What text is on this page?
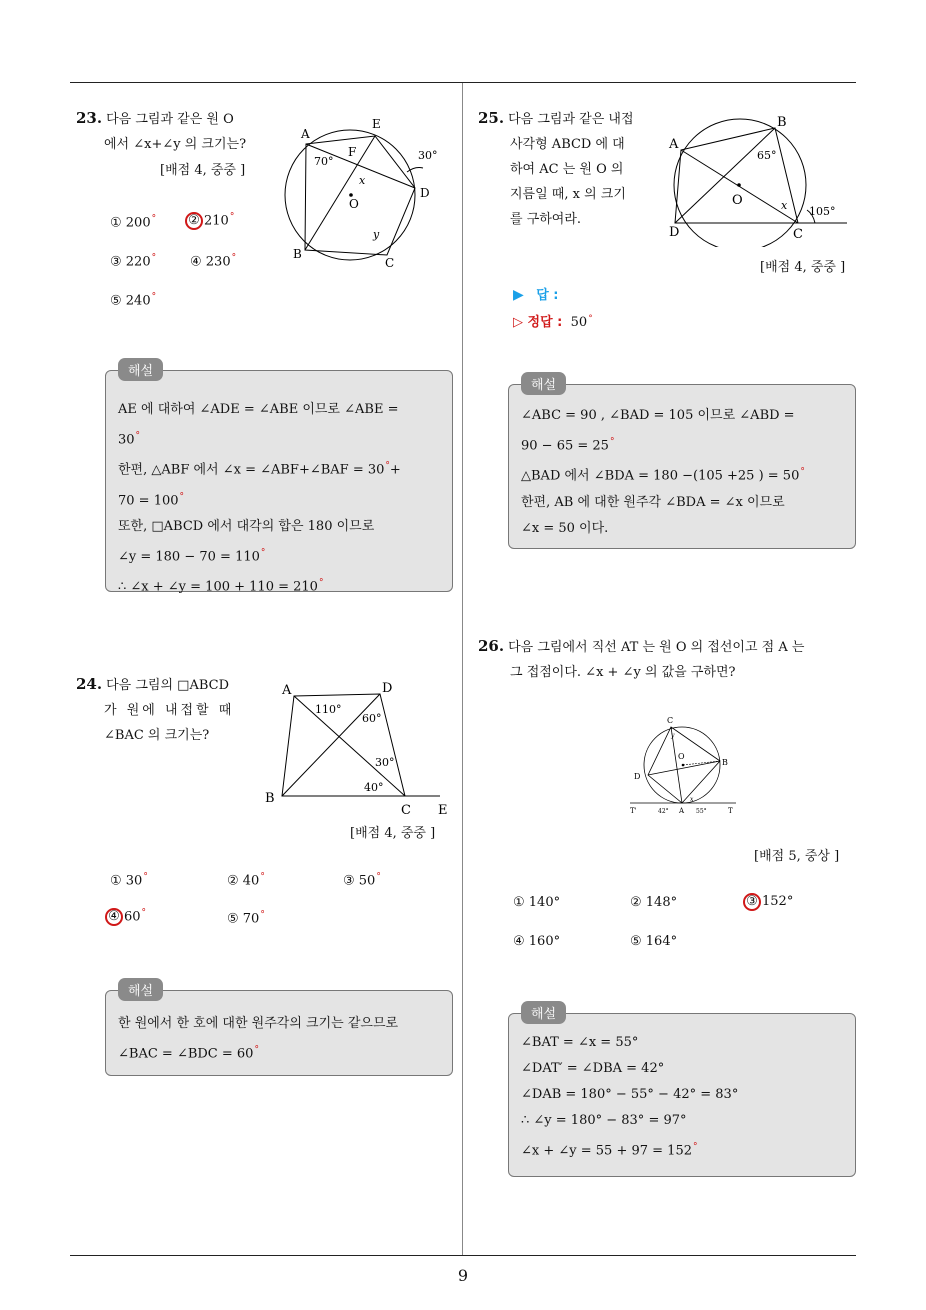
9
23. 다음 그림과 같은 원 O
에서 ∠x+∠y 의 크기는?
[배점 4, 중중 ]
① 200° ② 210°
③ 220°	④ 230°
⑤ 240°
A
E
F
D
B
C
O
x
y
70°	30°
해설
AE 에 대하여 ∠ADE = ∠ABE 이므로 ∠ABE =
30°
한편, △ABF 에서 ∠x = ∠ABF+∠BAF = 30°+
70 = 100°
또한, □ABCD 에서 대각의 합은 180 이므로
∠y = 180 − 70 = 110°
∴ ∠x + ∠y = 100 + 110 = 210°
24. 다음 그림의 □ABCD
가 원에 내접할 때
∠BAC 의 크기는?
A	D
B
C E
110°
60°
30°
40°
[배점 4, 중중 ]
① 30°	② 40°	③ 50°
④ 60°	⑤ 70°
해설
한 원에서 한 호에 대한 원주각의 크기는 같으므로
∠BAC = ∠BDC = 60°
25. 다음 그림과 같은 내접
사각형 ABCD 에 대
하여 AC 는 원 O 의
지름일 때, x 의 크기
를 구하여라.
A
B
C
D
O	x
65°
105°
[배점 4, 중중 ]
▶ 답 :
▷ 정답 : 50°
해설
∠ABC = 90 , ∠BAD = 105 이므로 ∠ABD =
90 − 65 = 25°
△BAD 에서 ∠BDA = 180 −(105 +25 ) = 50°
한편, AB 에 대한 원주각 ∠BDA = ∠x 이므로
∠x = 50 이다.
26. 다음 그림에서 직선 AT 는 원 O 의 접선이고 점 A 는
그 접점이다. ∠x + ∠y 의 값을 구하면?
C
O
B
D
T'	A	T
42°	55°
y
x
[배점 5, 중상 ]
① 140°	② 148°	③ 152°
④ 160°	⑤ 164°
해설
∠BAT = ∠x = 55°
∠DAT′ = ∠DBA = 42°
∠DAB = 180° − 55° − 42° = 83°
∴ ∠y = 180° − 83° = 97°
∠x + ∠y = 55 + 97 = 152°
